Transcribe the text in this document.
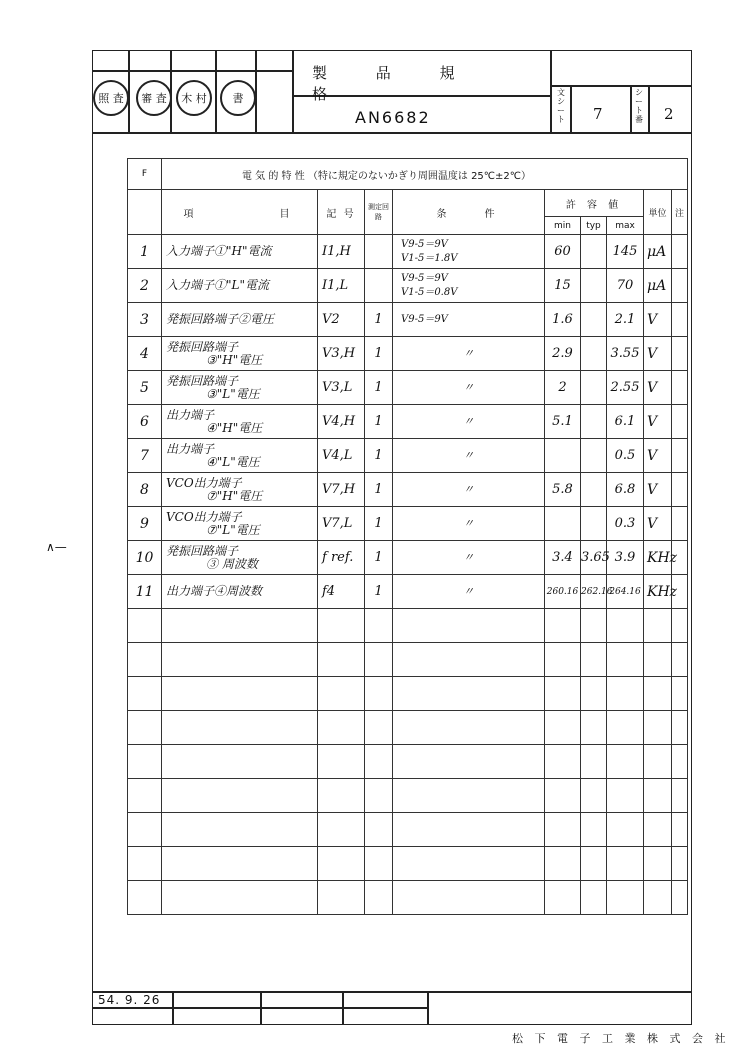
照 査	審 査	木 村	書
製 品 規 格
AN6682
文シート 7
シート番 2
F	電 気 的 特 性 （特に規定のないかぎり周囲温度は 25℃±2℃）								
	項　　　　　目	記 号	測定回路	条　　件	許 容 値			単位	注
					min	typ	max		
1	入力端子①"H"電流	I1,H		V9-5＝9V
V1-5＝1.8V	60		145	μA	
2	入力端子①"L"電流	I1,L		V9-5＝9V
V1-5＝0.8V	15		70	μA	
3	発振回路端子②電圧	V2	1	V9-5＝9V	1.6		2.1	V	
4	発振回路端子
③"H"電圧	V3,H	1	〃	2.9		3.55	V	
5	発振回路端子
③"L"電圧	V3,L	1	〃	2		2.55	V	
6	出力端子
④"H"電圧	V4,H	1	〃	5.1		6.1	V	
7	出力端子
④"L"電圧	V4,L	1	〃			0.5	V	
8	VCO出力端子
⑦"H"電圧	V7,H	1	〃	5.8		6.8	V	
9	VCO出力端子
⑦"L"電圧	V7,L	1	〃			0.3	V	
10	発振回路端子
③ 周波数	f ref.	1	〃	3.4	3.65	3.9	KHz	
11	出力端子④周波数	f4	1	〃	260.16	262.16	264.16	KHz	

∧—
54. 9. 26
松 下 電 子 工 業 株 式 会 社
